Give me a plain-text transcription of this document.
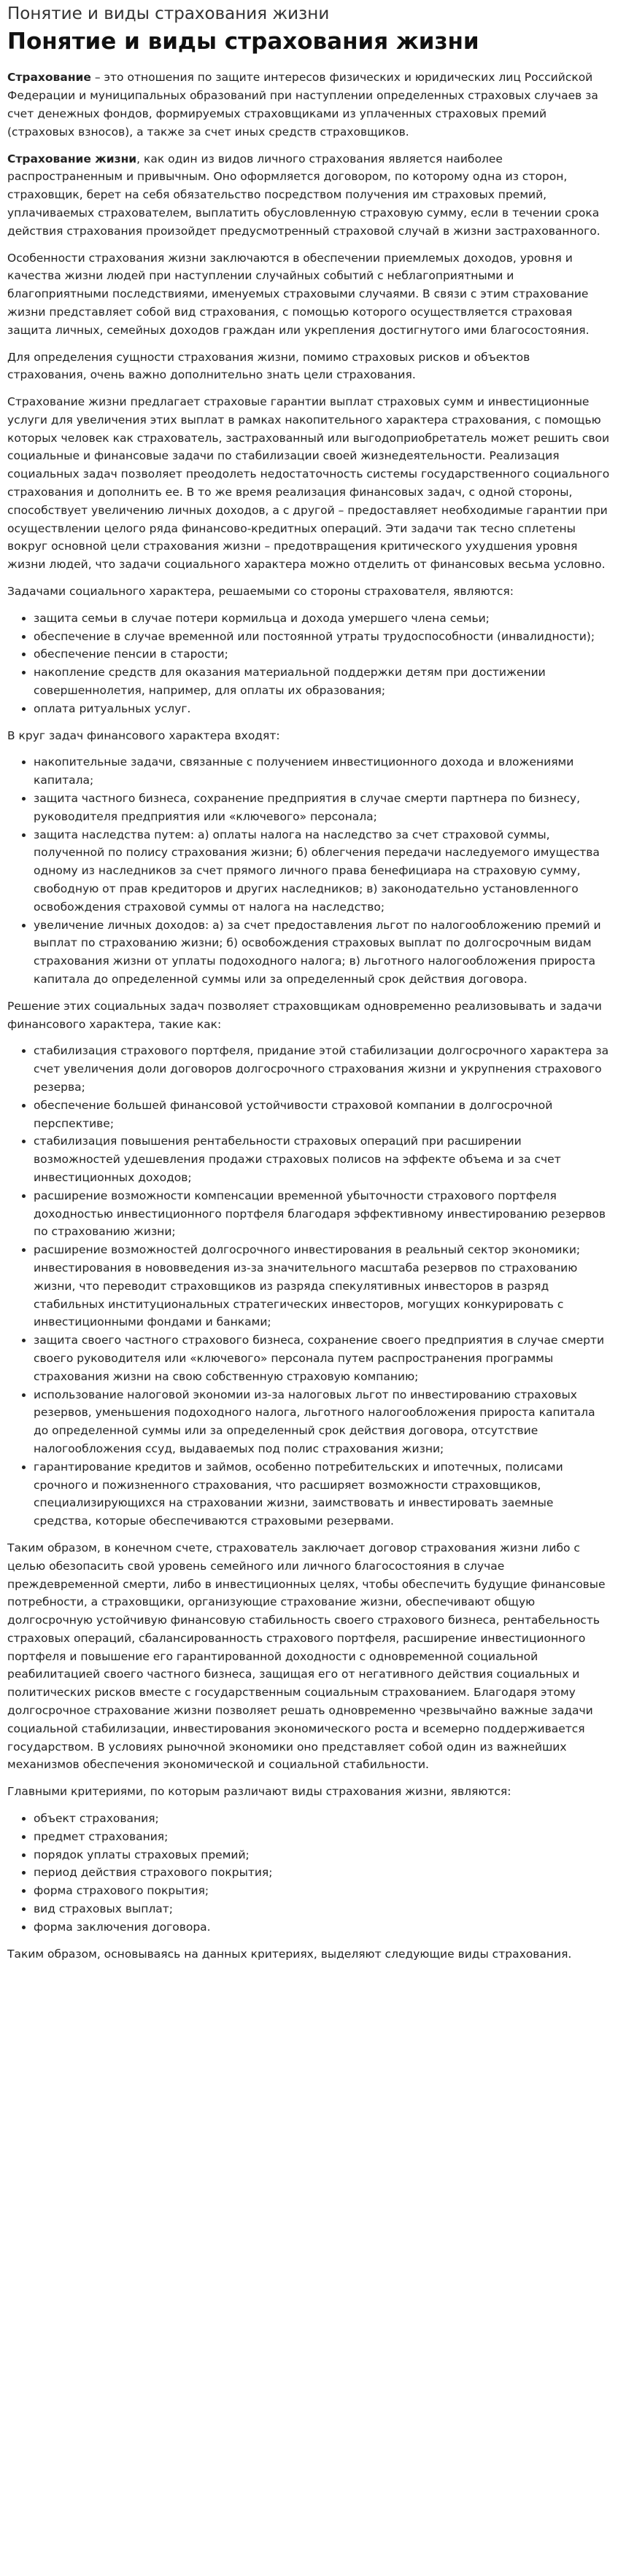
Понятие и виды страхования жизни
Понятие и виды страхования жизни

Страхование – это отношения по защите интересов физических и юридических лиц Российской Федерации и муниципальных образований при наступлении определенных страховых случаев за счет денежных фондов, формируемых страховщиками из уплаченных страховых премий (страховых взносов), а также за счет иных средств страховщиков.

Страхование жизни, как один из видов личного страхования является наиболее распространенным и привычным. Оно оформляется договором, по которому одна из сторон, страховщик, берет на себя обязательство посредством получения им страховых премий, уплачиваемых страхователем, выплатить обусловленную страховую сумму, если в течении срока действия страхования произойдет предусмотренный страховой случай в жизни застрахованного.

Особенности страхования жизни заключаются в обеспечении приемлемых доходов, уровня и качества жизни людей при наступлении случайных событий с неблагоприятными и благоприятными последствиями, именуемых страховыми случаями. В связи с этим страхование жизни представляет собой вид страхования, с помощью которого осуществляется страховая защита личных, семейных доходов граждан или укрепления достигнутого ими благосостояния.

Для определения сущности страхования жизни, помимо страховых рисков и объектов страхования, очень важно дополнительно знать цели страхования.

Страхование жизни предлагает страховые гарантии выплат страховых сумм и инвестиционные услуги для увеличения этих выплат в рамках накопительного характера страхования, с помощью которых человек как страхователь, застрахованный или выгодоприобретатель может решить свои социальные и финансовые задачи по стабилизации своей жизнедеятельности. Реализация социальных задач позволяет преодолеть недостаточность системы государственного социального страхования и дополнить ее. В то же время реализация финансовых задач, с одной стороны, способствует увеличению личных доходов, а с другой – предоставляет необходимые гарантии при осуществлении целого ряда финансово-кредитных операций. Эти задачи так тесно сплетены вокруг основной цели страхования жизни – предотвращения критического ухудшения уровня жизни людей, что задачи социального характера можно отделить от финансовых весьма условно.

Задачами социального характера, решаемыми со стороны страхователя, являются:

• защита семьи в случае потери кормильца и дохода умершего члена семьи;
• обеспечение в случае временной или постоянной утраты трудоспособности (инвалидности);
• обеспечение пенсии в старости;
• накопление средств для оказания материальной поддержки детям при достижении совершеннолетия, например, для оплаты их образования;
• оплата ритуальных услуг.

В круг задач финансового характера входят:

• накопительные задачи, связанные с получением инвестиционного дохода и вложениями капитала;
• защита частного бизнеса, сохранение предприятия в случае смерти партнера по бизнесу, руководителя предприятия или «ключевого» персонала;
• защита наследства путем: а) оплаты налога на наследство за счет страховой суммы, полученной по полису страхования жизни; б) облегчения передачи наследуемого имущества одному из наследников за счет прямого личного права бенефициара на страховую сумму, свободную от прав кредиторов и других наследников; в) законодательно установленного освобождения страховой суммы от налога на наследство;
• увеличение личных доходов: а) за счет предоставления льгот по налогообложению премий и выплат по страхованию жизни; б) освобождения страховых выплат по долгосрочным видам страхования жизни от уплаты подоходного налога; в) льготного налогообложения прироста капитала до определенной суммы или за определенный срок действия договора.

Решение этих социальных задач позволяет страховщикам одновременно реализовывать и задачи финансового характера, такие как:

• стабилизация страхового портфеля, придание этой стабилизации долгосрочного характера за счет увеличения доли договоров долгосрочного страхования жизни и укрупнения страхового резерва;
• обеспечение большей финансовой устойчивости страховой компании в долгосрочной перспективе;
• стабилизация повышения рентабельности страховых операций при расширении возможностей удешевления продажи страховых полисов на эффекте объема и за счет инвестиционных доходов;
• расширение возможности компенсации временной убыточности страхового портфеля доходностью инвестиционного портфеля благодаря эффективному инвестированию резервов по страхованию жизни;
• расширение возможностей долгосрочного инвестирования в реальный сектор экономики; инвестирования в нововведения из-за значительного масштаба резервов по страхованию жизни, что переводит страховщиков из разряда спекулятивных инвесторов в разряд стабильных институциональных стратегических инвесторов, могущих конкурировать с инвестиционными фондами и банками;
• защита своего частного страхового бизнеса, сохранение своего предприятия в случае смерти своего руководителя или «ключевого» персонала путем распространения программы страхования жизни на свою собственную страховую компанию;
• использование налоговой экономии из-за налоговых льгот по инвестированию страховых резервов, уменьшения подоходного налога, льготного налогообложения прироста капитала до определенной суммы или за определенный срок действия договора, отсутствие налогообложения ссуд, выдаваемых под полис страхования жизни;
• гарантирование кредитов и займов, особенно потребительских и ипотечных, полисами срочного и пожизненного страхования, что расширяет возможности страховщиков, специализирующихся на страховании жизни, заимствовать и инвестировать заемные средства, которые обеспечиваются страховыми резервами.

Таким образом, в конечном счете, страхователь заключает договор страхования жизни либо с целью обезопасить свой уровень семейного или личного благосостояния в случае преждевременной смерти, либо в инвестиционных целях, чтобы обеспечить будущие финансовые потребности, а страховщики, организующие страхование жизни, обеспечивают общую долгосрочную устойчивую финансовую стабильность своего страхового бизнеса, рентабельность страховых операций, сбалансированность страхового портфеля, расширение инвестиционного портфеля и повышение его гарантированной доходности с одновременной социальной реабилитацией своего частного бизнеса, защищая его от негативного действия социальных и политических рисков вместе с государственным социальным страхованием. Благодаря этому долгосрочное страхование жизни позволяет решать одновременно чрезвычайно важные задачи социальной стабилизации, инвестирования экономического роста и всемерно поддерживается государством. В условиях рыночной экономики оно представляет собой один из важнейших механизмов обеспечения экономической и социальной стабильности.

Главными критериями, по которым различают виды страхования жизни, являются:

• объект страхования;
• предмет страхования;
• порядок уплаты страховых премий;
• период действия страхового покрытия;
• форма страхового покрытия;
• вид страховых выплат;
• форма заключения договора.

Таким образом, основываясь на данных критериях, выделяют следующие виды страхования.
